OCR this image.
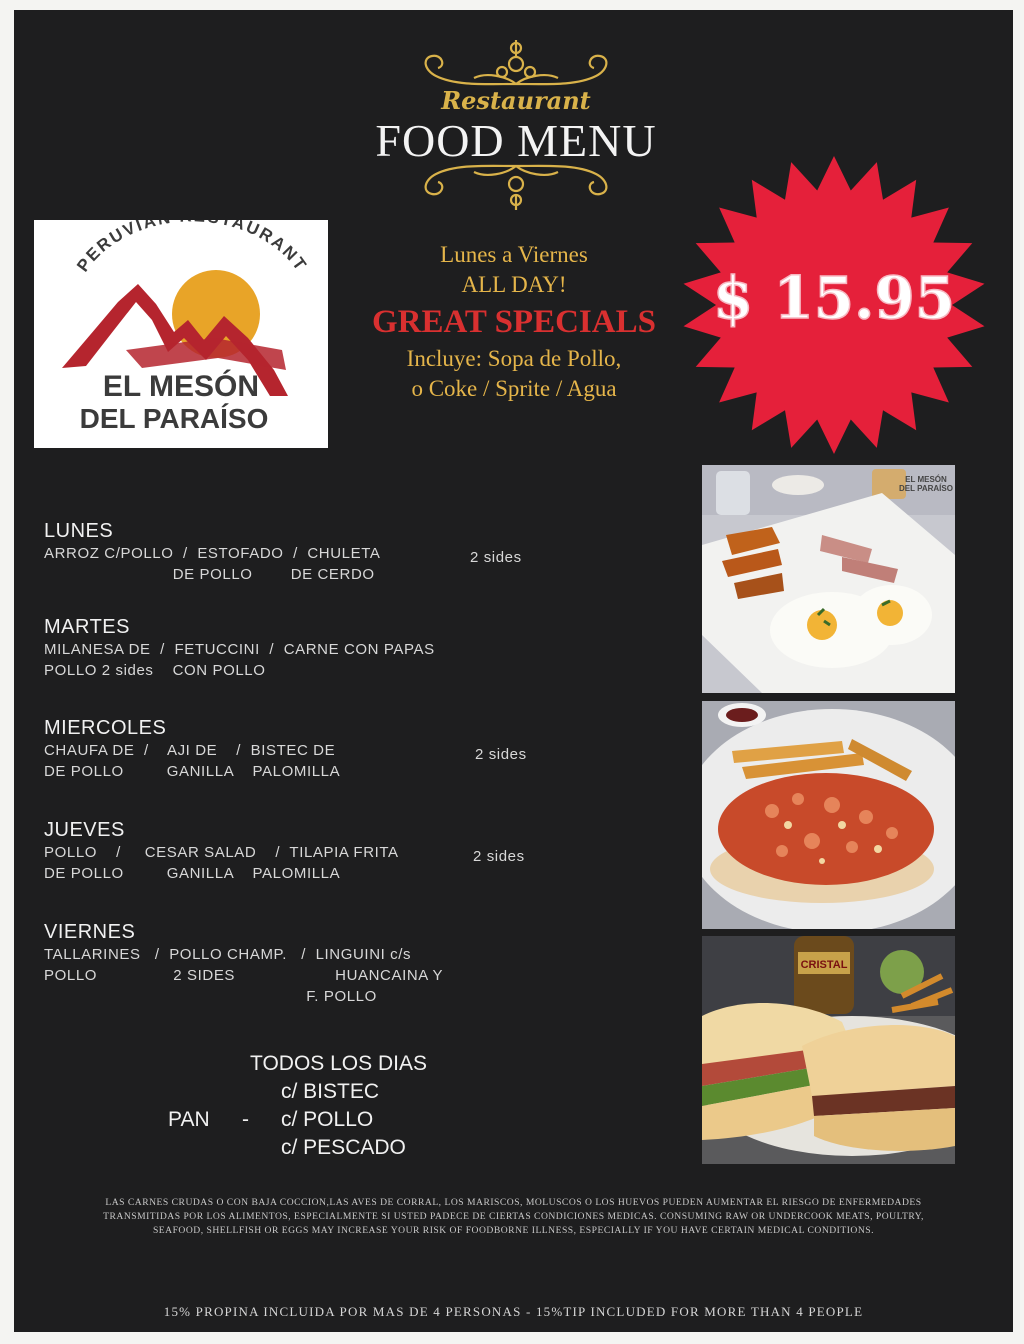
Restaurant
FOOD MENU
PERUVIA AURANT
EL MESÓN
DEL PARAÍSO
Lunes a Viernes
ALL DAY!
GREAT SPECIALS
Incluye: Sopa de Pollo,
o Coke / Sprite / Agua
$ 15.95
LUNES
ARROZ C/POLLO  /  ESTOFADO  /  CHULETA
DE POLLO        DE CERDO
2 sides
MARTES
MILANESA DE  /  FETUCCINI  /  CARNE CON PAPAS
POLLO 2 sides    CON POLLO
MIERCOLES
CHAUFA DE  /    AJI DE    /  BISTEC DE
DE POLLO         GANILLA    PALOMILLA
2 sides
JUEVES
POLLO    /     CESAR SALAD    /  TILAPIA FRITA
DE POLLO         GANILLA    PALOMILLA
2 sides
VIERNES
TALLARINES   /  POLLO CHAMP.   /  LINGUINI c/s
POLLO                2 SIDES                     HUANCAINA Y
F. POLLO
TODOS LOS DIAS
c/ BISTEC
PAN - c/ POLLO
c/ PESCADO
EL MESÓN
DEL PARAÍSO
CRISTAL
LAS CARNES CRUDAS O CON BAJA COCCION,LAS AVES DE CORRAL, LOS MARISCOS, MOLUSCOS O LOS HUEVOS PUEDEN AUMENTAR EL RIESGO DE ENFERMEDADES
TRANSMITIDAS POR LOS ALIMENTOS, ESPECIALMENTE SI USTED PADECE DE CIERTAS CONDICIONES MEDICAS. CONSUMING RAW OR UNDERCOOK MEATS, POULTRY,
SEAFOOD, SHELLFISH OR EGGS MAY INCREASE YOUR RISK OF FOODBORNE ILLNESS, ESPECIALLY IF YOU HAVE CERTAIN MEDICAL CONDITIONS.
15% PROPINA INCLUIDA POR MAS DE 4 PERSONAS - 15%TIP INCLUDED FOR MORE THAN 4 PEOPLE
